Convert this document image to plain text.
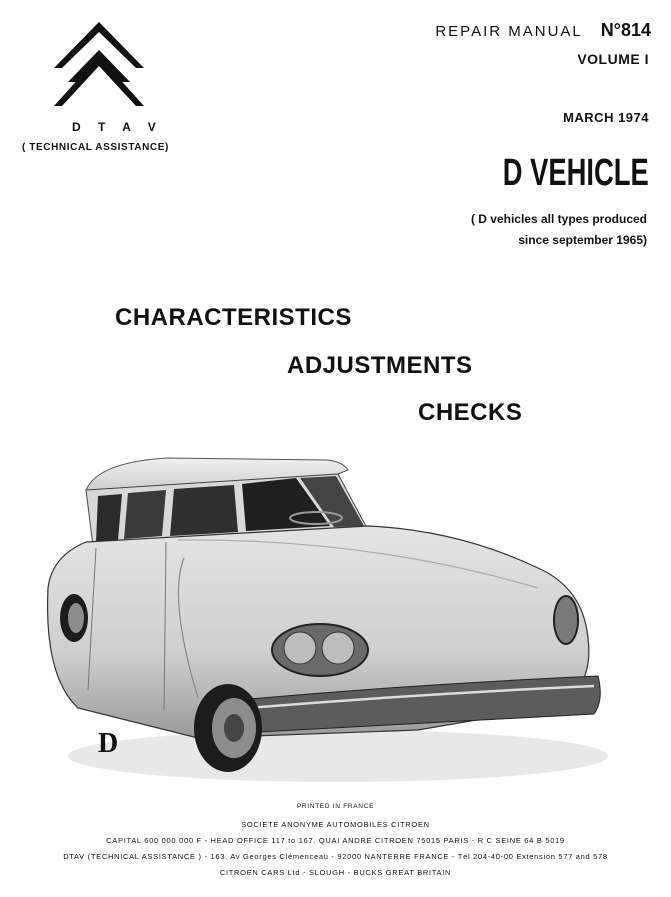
D T A V
( TECHNICAL ASSISTANCE)
REPAIR MANUAL N°814
VOLUME I
MARCH 1974
D VEHICLE
( D vehicles all types produced
since september 1965)
CHARACTERISTICS
ADJUSTMENTS
CHECKS
D
PRINTED IN FRANCE
SOCIETE ANONYME AUTOMOBILES CITROEN
CAPITAL 600 000 000 F - HEAD OFFICE 117 to 167. QUAI ANDRE CITROEN 75015 PARIS - R C SEINE 64 B 5019
DTAV (TECHNICAL ASSISTANCE ) - 163. Av Georges Clémenceau - 92000 NANTERRE FRANCE - Tél 204-40-00 Extension 577 and 578
CITROEN CARS Ltd - SLOUGH - BUCKS GREAT BRITAIN
